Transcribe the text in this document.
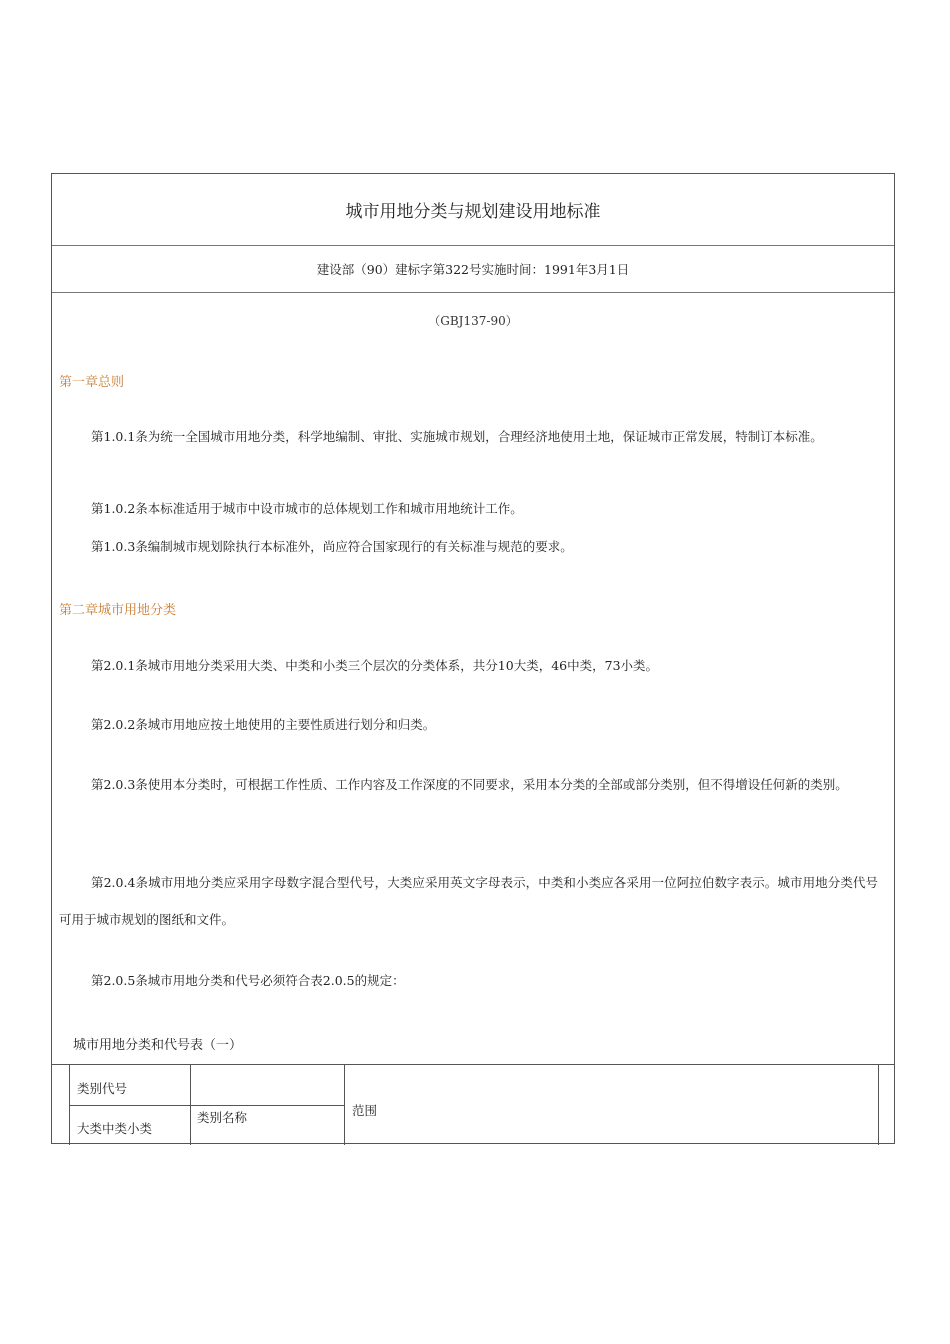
城市用地分类与规划建设用地标准
建设部（90）建标字第322号实施时间：1991年3月1日
（GBJ137-90）
第一章总则
第1.0.1条为统一全国城市用地分类，科学地编制、审批、实施城市规划，合理经济地使用土地，保证城市正常发展，特制订本标准。
第1.0.2条本标准适用于城市中设市城市的总体规划工作和城市用地统计工作。
第1.0.3条编制城市规划除执行本标准外，尚应符合国家现行的有关标准与规范的要求。
第二章城市用地分类
第2.0.1条城市用地分类采用大类、中类和小类三个层次的分类体系，共分10大类，46中类，73小类。
第2.0.2条城市用地应按土地使用的主要性质进行划分和归类。
第2.0.3条使用本分类时，可根据工作性质、工作内容及工作深度的不同要求，采用本分类的全部或部分类别，但不得增设任何新的类别。
第2.0.4条城市用地分类应采用字母数字混合型代号，大类应采用英文字母表示，中类和小类应各采用一位阿拉伯数字表示。城市用地分类代号可用于城市规划的图纸和文件。
第2.0.5条城市用地分类和代号必须符合表2.0.5的规定：
城市用地分类和代号表（一）
类别代号
大类中类小类
类别名称	范围
